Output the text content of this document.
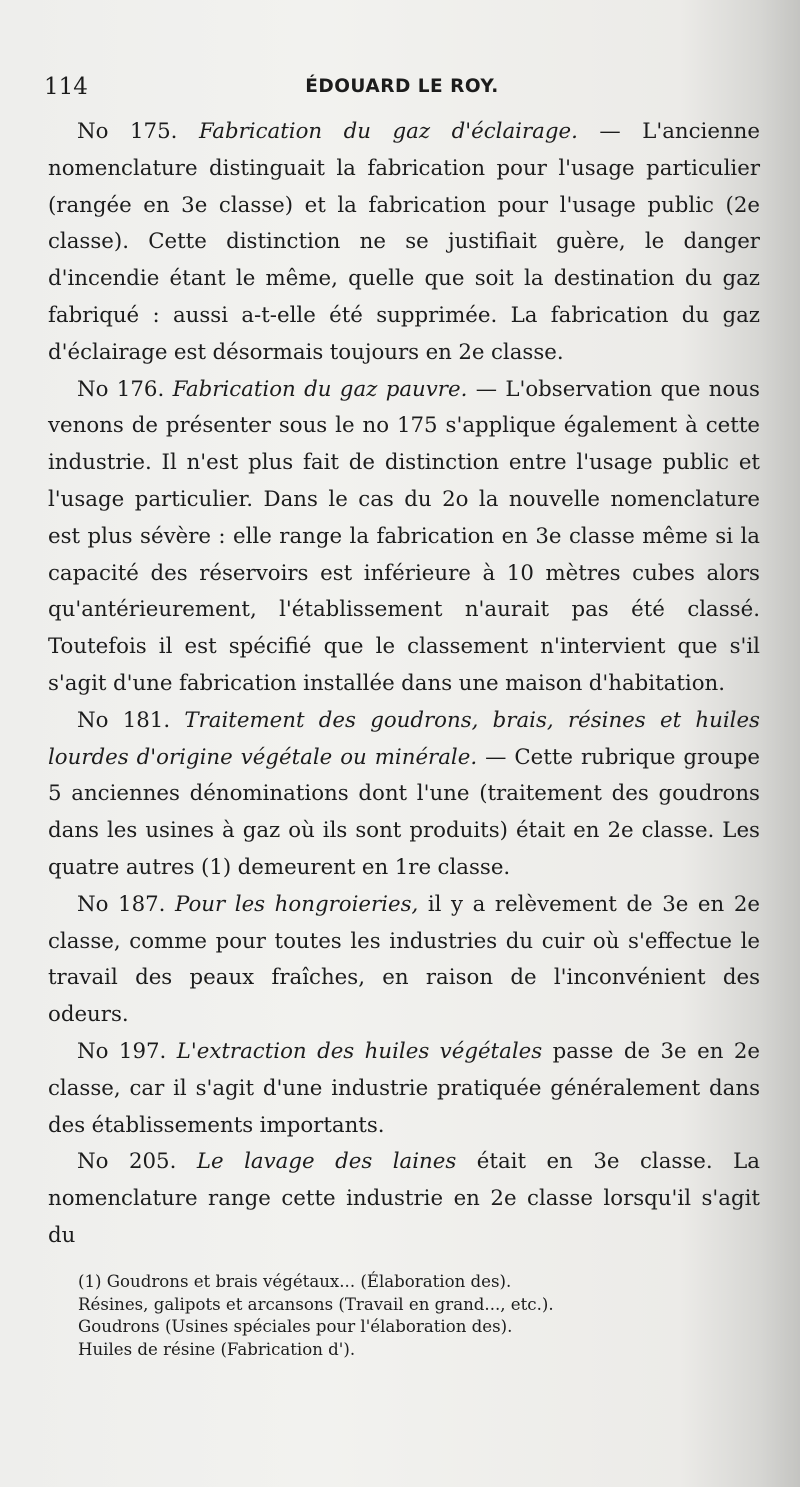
114	ÉDOUARD LE ROY.

No 175. Fabrication du gaz d'éclairage. — L'ancienne nomenclature distinguait la fabrication pour l'usage particulier (rangée en 3e classe) et la fabrication pour l'usage public (2e classe). Cette distinction ne se justifiait guère, le danger d'incendie étant le même, quelle que soit la destination du gaz fabriqué : aussi a-t-elle été supprimée. La fabrication du gaz d'éclairage est désormais toujours en 2e classe.

No 176. Fabrication du gaz pauvre. — L'observation que nous venons de présenter sous le no 175 s'applique également à cette industrie. Il n'est plus fait de distinction entre l'usage public et l'usage particulier. Dans le cas du 2o la nouvelle nomenclature est plus sévère : elle range la fabrication en 3e classe même si la capacité des réservoirs est inférieure à 10 mètres cubes alors qu'antérieurement, l'établissement n'aurait pas été classé. Toutefois il est spécifié que le classement n'intervient que s'il s'agit d'une fabrication installée dans une maison d'habitation.

No 181. Traitement des goudrons, brais, résines et huiles lourdes d'origine végétale ou minérale. — Cette rubrique groupe 5 anciennes dénominations dont l'une (traitement des goudrons dans les usines à gaz où ils sont produits) était en 2e classe. Les quatre autres (1) demeurent en 1re classe.

No 187. Pour les hongroieries, il y a relèvement de 3e en 2e classe, comme pour toutes les industries du cuir où s'effectue le travail des peaux fraîches, en raison de l'inconvénient des odeurs.

No 197. L'extraction des huiles végétales passe de 3e en 2e classe, car il s'agit d'une industrie pratiquée généralement dans des établissements importants.

No 205. Le lavage des laines était en 3e classe. La nomenclature range cette industrie en 2e classe lorsqu'il s'agit du

(1) Goudrons et brais végétaux... (Élaboration des).
Résines, galipots et arcansons (Travail en grand..., etc.).
Goudrons (Usines spéciales pour l'élaboration des).
Huiles de résine (Fabrication d').
